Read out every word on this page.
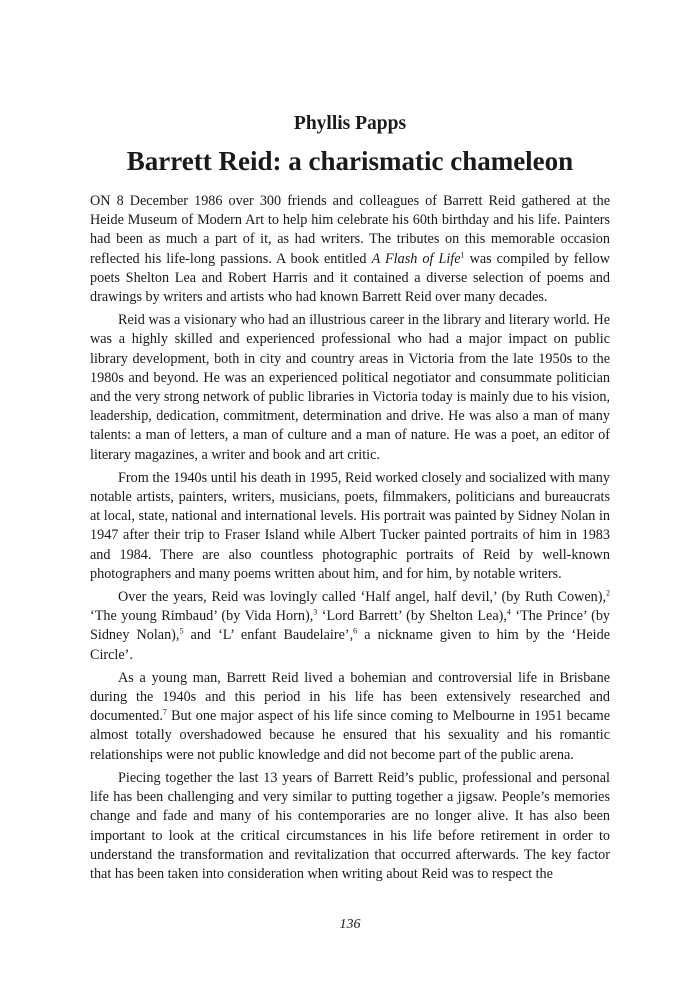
Phyllis Papps
Barrett Reid: a charismatic chameleon

ON 8 December 1986 over 300 friends and colleagues of Barrett Reid gathered at the Heide Museum of Modern Art to help him celebrate his 60th birthday and his life. Painters had been as much a part of it, as had writers. The tributes on this memorable occasion reflected his life-long passions. A book entitled A Flash of Life$^1$ was compiled by fellow poets Shelton Lea and Robert Harris and it contained a diverse selection of poems and drawings by writers and artists who had known Barrett Reid over many decades.

Reid was a visionary who had an illustrious career in the library and literary world. He was a highly skilled and experienced professional who had a major impact on public library development, both in city and country areas in Victoria from the late 1950s to the 1980s and beyond. He was an experienced political negotiator and consummate politician and the very strong network of public libraries in Victoria today is mainly due to his vision, leadership, dedication, commitment, determination and drive. He was also a man of many talents: a man of letters, a man of culture and a man of nature. He was a poet, an editor of literary magazines, a writer and book and art critic.

From the 1940s until his death in 1995, Reid worked closely and socialized with many notable artists, painters, writers, musicians, poets, filmmakers, politicians and bureaucrats at local, state, national and international levels. His portrait was painted by Sidney Nolan in 1947 after their trip to Fraser Island while Albert Tucker painted portraits of him in 1983 and 1984. There are also countless photographic portraits of Reid by well-known photographers and many poems written about him, and for him, by notable writers.

Over the years, Reid was lovingly called ‘Half angel, half devil,’ (by Ruth Cowen),$^2$ ‘The young Rimbaud’ (by Vida Horn),$^3$ ‘Lord Barrett’ (by Shelton Lea),$^4$ ‘The Prince’ (by Sidney Nolan),$^5$ and ‘L’ enfant Baudelaire’,$^6$ a nickname given to him by the ‘Heide Circle’.

As a young man, Barrett Reid lived a bohemian and controversial life in Brisbane during the 1940s and this period in his life has been extensively researched and documented.$^7$ But one major aspect of his life since coming to Melbourne in 1951 became almost totally overshadowed because he ensured that his sexuality and his romantic relationships were not public knowledge and did not become part of the public arena.

Piecing together the last 13 years of Barrett Reid’s public, professional and personal life has been challenging and very similar to putting together a jigsaw. People’s memories change and fade and many of his contemporaries are no longer alive. It has also been important to look at the critical circumstances in his life before retirement in order to understand the transformation and revitalization that occurred afterwards. The key factor that has been taken into consideration when writing about Reid was to respect the

136
